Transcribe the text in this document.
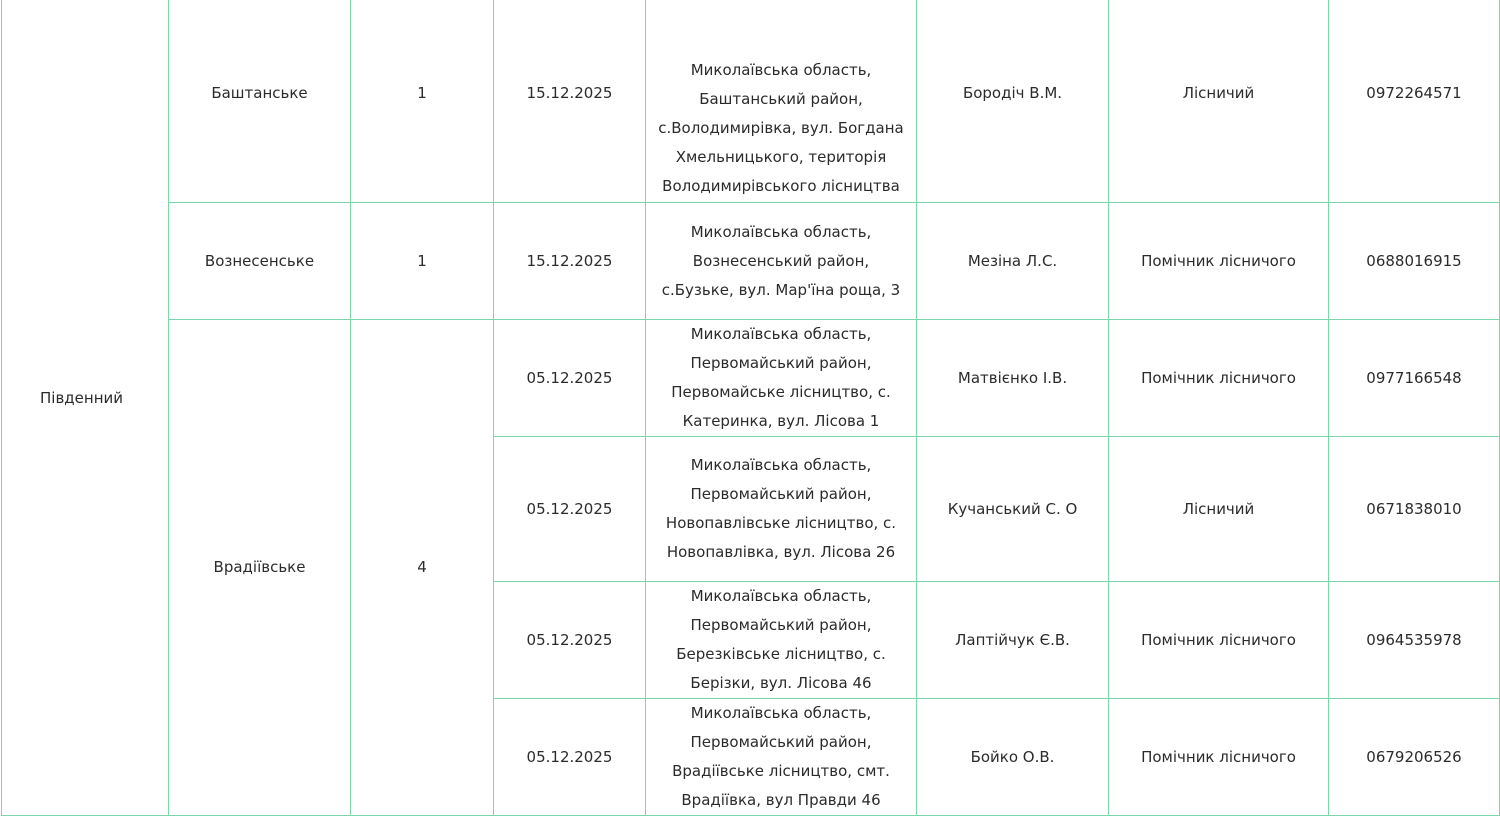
Південний	Баштанське	1	15.12.2025	Миколаївська область, Баштанський район, с.Володимирівка, вул. Богдана Хмельницького, територія Володимирівського лісництва	Бородіч В.М.	Лісничий	0972264571
	Вознесенське	1	15.12.2025	Миколаївська область, Вознесенський район, с.Бузьке, вул. Мар'їна роща, 3	Мезіна Л.С.	Помічник лісничого	0688016915
	Врадіївське	4	05.12.2025	Миколаївська область, Первомайський район, Первомайське лісництво, с. Катеринка, вул. Лісова 1	Матвієнко І.В.	Помічник лісничого	0977166548
			05.12.2025	Миколаївська область, Первомайський район, Новопавлівське лісництво, с. Новопавлівка, вул. Лісова 26	Кучанський С. О	Лісничий	0671838010
			05.12.2025	Миколаївська область, Первомайський район, Березківське лісництво, с. Берізки, вул. Лісова 46	Лаптійчук Є.В.	Помічник лісничого	0964535978
			05.12.2025	Миколаївська область, Первомайський район, Врадіївське лісництво, смт. Врадіївка, вул Правди 46	Бойко О.В.	Помічник лісничого	0679206526
